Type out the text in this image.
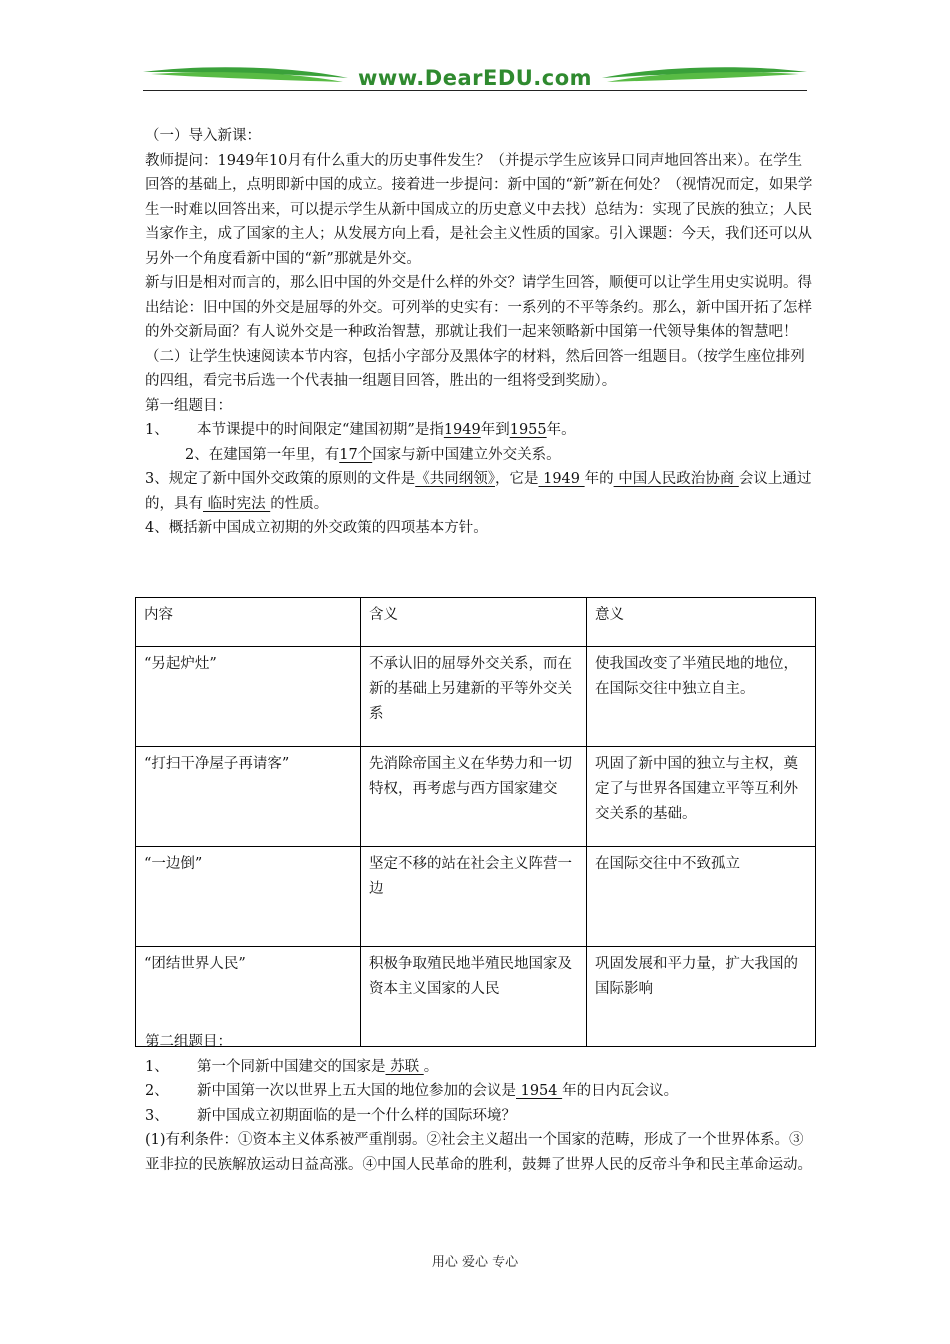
www.DearEDU.com

（一）导入新课：

教师提问：1949年10月有什么重大的历史事件发生？（并提示学生应该异口同声地回答出来）。在学生回答的基础上，点明即新中国的成立。接着进一步提问：新中国的“新”新在何处？（视情况而定，如果学生一时难以回答出来，可以提示学生从新中国成立的历史意义中去找）总结为：实现了民族的独立；人民当家作主，成了国家的主人；从发展方向上看，是社会主义性质的国家。引入课题：今天，我们还可以从另外一个角度看新中国的“新”那就是外交。

新与旧是相对而言的，那么旧中国的外交是什么样的外交？请学生回答，顺便可以让学生用史实说明。得出结论：旧中国的外交是屈辱的外交。可列举的史实有：一系列的不平等条约。那么，新中国开拓了怎样的外交新局面？有人说外交是一种政治智慧，那就让我们一起来领略新中国第一代领导集体的智慧吧！

（二）让学生快速阅读本节内容，包括小字部分及黑体字的材料，然后回答一组题目。（按学生座位排列的四组，看完书后选一个代表抽一组题目回答，胜出的一组将受到奖励）。

第一组题目：

1、 本节课提中的时间限定“建国初期”是指1949年到1955年。

2、在建国第一年里，有17个国家与新中国建立外交关系。

3、规定了新中国外交政策的原则的文件是《共同纲领》，它是 1949 年的 中国人民政治协商 会议上通过的，具有 临时宪法 的性质。

4、概括新中国成立初期的外交政策的四项基本方针。

内容	含义	意义
“另起炉灶”	不承认旧的屈辱外交关系，而在新的基础上另建新的平等外交关系	使我国改变了半殖民地的地位，在国际交往中独立自主。
“打扫干净屋子再请客”	先消除帝国主义在华势力和一切特权，再考虑与西方国家建交	巩固了新中国的独立与主权，奠定了与世界各国建立平等互利外交关系的基础。
“一边倒”	坚定不移的站在社会主义阵营一边	在国际交往中不致孤立
“团结世界人民”	积极争取殖民地半殖民地国家及资本主义国家的人民	巩固发展和平力量，扩大我国的国际影响

第二组题目：

1、 第一个同新中国建交的国家是 苏联 。

2、 新中国第一次以世界上五大国的地位参加的会议是 1954 年的日内瓦会议。

3、 新中国成立初期面临的是一个什么样的国际环境？

(1)有利条件：①资本主义体系被严重削弱。②社会主义超出一个国家的范畴，形成了一个世界体系。③亚非拉的民族解放运动日益高涨。④中国人民革命的胜利，鼓舞了世界人民的反帝斗争和民主革命运动。

用心 爱心 专心
